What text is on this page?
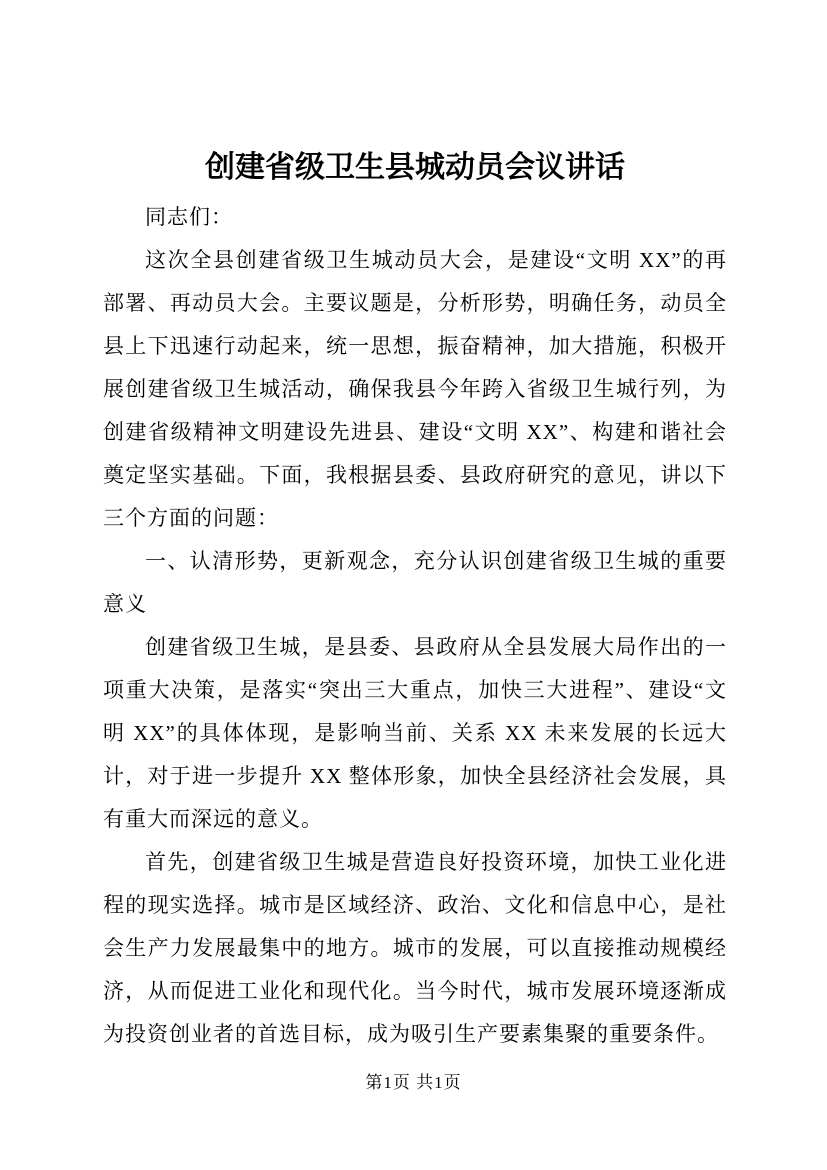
创建省级卫生县城动员会议讲话

同志们：

这次全县创建省级卫生城动员大会，是建设“文明 XX”的再部署、再动员大会。主要议题是，分析形势，明确任务，动员全县上下迅速行动起来，统一思想，振奋精神，加大措施，积极开展创建省级卫生城活动，确保我县今年跨入省级卫生城行列，为创建省级精神文明建设先进县、建设“文明 XX”、构建和谐社会奠定坚实基础。下面，我根据县委、县政府研究的意见，讲以下三个方面的问题：

一、认清形势，更新观念，充分认识创建省级卫生城的重要意义

创建省级卫生城，是县委、县政府从全县发展大局作出的一项重大决策，是落实“突出三大重点，加快三大进程”、建设“文明 XX”的具体体现，是影响当前、关系 XX 未来发展的长远大计，对于进一步提升 XX 整体形象，加快全县经济社会发展，具有重大而深远的意义。

首先，创建省级卫生城是营造良好投资环境，加快工业化进程的现实选择。城市是区域经济、政治、文化和信息中心，是社会生产力发展最集中的地方。城市的发展，可以直接推动规模经济，从而促进工业化和现代化。当今时代，城市发展环境逐渐成为投资创业者的首选目标，成为吸引生产要素集聚的重要条件。

第1页 共1页
